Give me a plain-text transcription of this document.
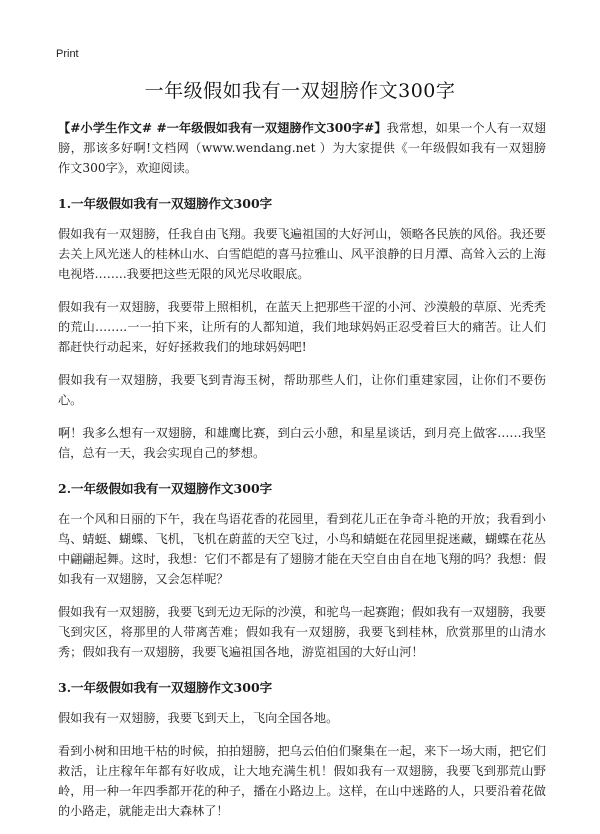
Print
一年级假如我有一双翅膀作文300字

【#小学生作文# #一年级假如我有一双翅膀作文300字#】我常想，如果一个人有一双翅膀，那该多好啊!文档网（www.wendang.net ）为大家提供《一年级假如我有一双翅膀作文300字》，欢迎阅读。

1.一年级假如我有一双翅膀作文300字

假如我有一双翅膀，任我自由飞翔。我要飞遍祖国的大好河山，领略各民族的风俗。我还要去关上风光迷人的桂林山水、白雪皑皑的喜马拉雅山、风平浪静的日月潭、高耸入云的上海电视塔……..我要把这些无限的风光尽收眼底。

假如我有一双翅膀，我要带上照相机，在蓝天上把那些干涩的小河、沙漠般的草原、光秃秃的荒山……..一一拍下来，让所有的人都知道，我们地球妈妈正忍受着巨大的痛苦。让人们都赶快行动起来，好好拯救我们的地球妈妈吧!

假如我有一双翅膀，我要飞到青海玉树，帮助那些人们，让你们重建家园，让你们不要伤心。

啊！我多么想有一双翅膀，和雄鹰比赛，到白云小憩，和星星谈话，到月亮上做客……我坚信，总有一天，我会实现自己的梦想。

2.一年级假如我有一双翅膀作文300字

在一个风和日丽的下午，我在鸟语花香的花园里，看到花儿正在争奇斗艳的开放；我看到小鸟、蜻蜓、蝴蝶、飞机，飞机在蔚蓝的天空飞过，小鸟和蜻蜓在花园里捉迷藏，蝴蝶在花丛中翩翩起舞。这时，我想：它们不都是有了翅膀才能在天空自由自在地飞翔的吗？我想：假如我有一双翅膀，又会怎样呢？

假如我有一双翅膀，我要飞到无边无际的沙漠，和驼鸟一起赛跑；假如我有一双翅膀，我要飞到灾区，将那里的人带离苦难；假如我有一双翅膀，我要飞到桂林，欣赏那里的山清水秀；假如我有一双翅膀，我要飞遍祖国各地，游览祖国的大好山河！

3.一年级假如我有一双翅膀作文300字

假如我有一双翅膀，我要飞到天上，飞向全国各地。

看到小树和田地干枯的时候，拍拍翅膀，把乌云伯伯们聚集在一起，来下一场大雨，把它们救活，让庄稼年年都有好收成，让大地充满生机！假如我有一双翅膀，我要飞到那荒山野岭，用一种一年四季都开花的种子，播在小路边上。这样，在山中迷路的人，只要沿着花做的小路走，就能走出大森林了！
